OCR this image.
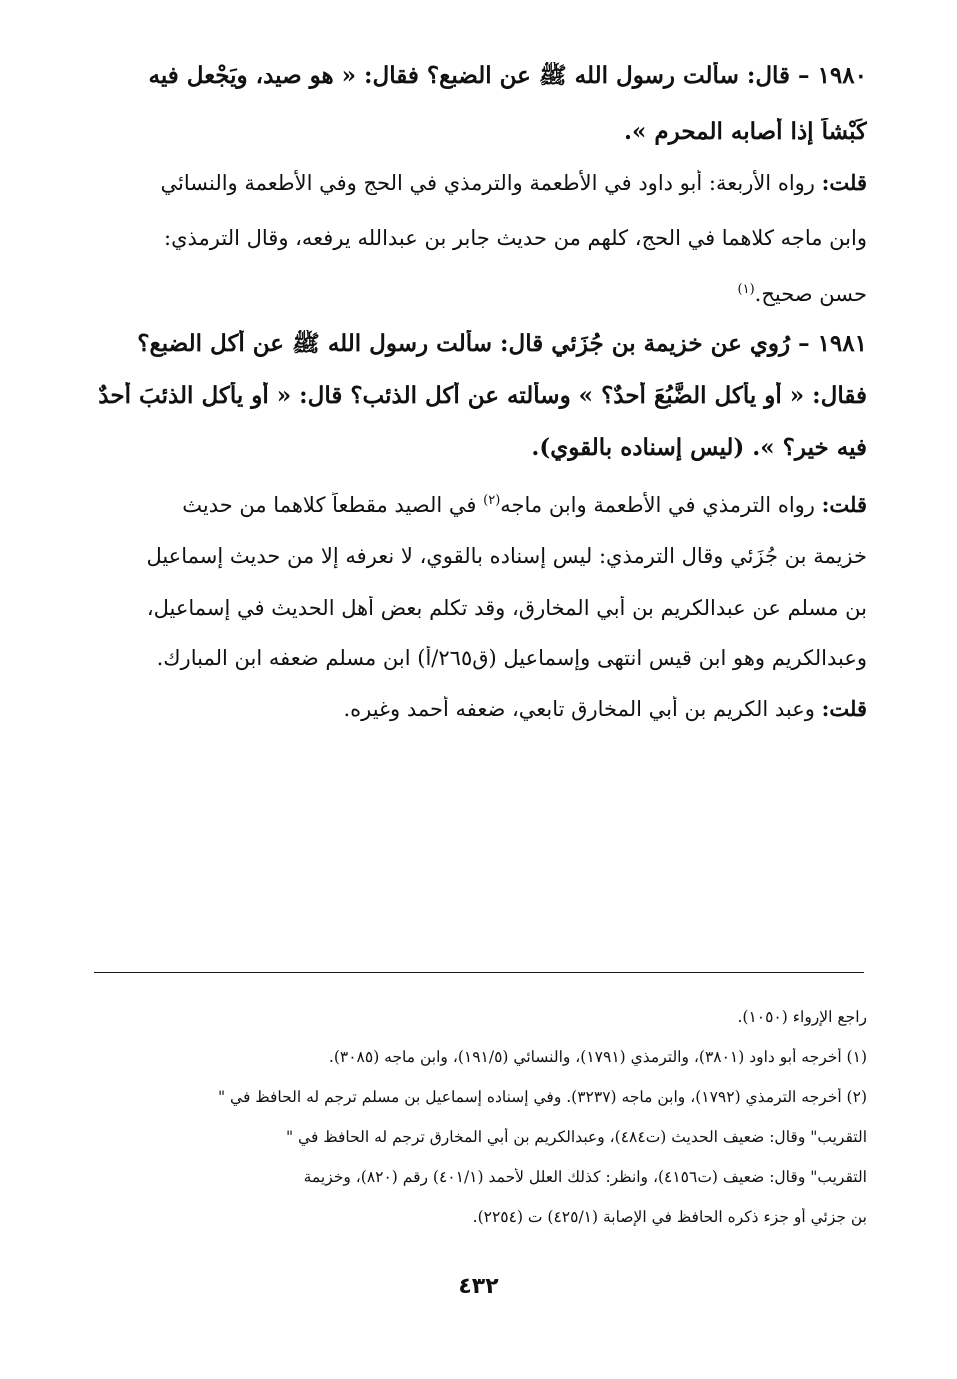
١٩٨٠ – قال: سألت رسول الله ﷺ عن الضبع؟ فقال: « هو صيد، ويَجْعل فيه
كَبْشاً إذا أصابه المحرم ».
قلت: رواه الأربعة: أبو داود في الأطعمة والترمذي في الحج وفي الأطعمة والنسائي
وابن ماجه كلاهما في الحج، كلهم من حديث جابر بن عبدالله يرفعه، وقال الترمذي:
حسن صحيح.$^{(١)}$
١٩٨١ – رُوي عن خزيمة بن جُزَئي قال: سألت رسول الله ﷺ عن أكل الضبع؟
فقال: « أو يأكل الضَّبُعَ أحدٌ؟ » وسألته عن أكل الذئب؟ قال: « أو يأكل الذئبَ أحدٌ
فيه خير؟ ». (ليس إسناده بالقوي).
قلت: رواه الترمذي في الأطعمة وابن ماجه$^{(٢)}$ في الصيد مقطعاً كلاهما من حديث
خزيمة بن جُزَئي وقال الترمذي: ليس إسناده بالقوي، لا نعرفه إلا من حديث إسماعيل
بن مسلم عن عبدالكريم بن أبي المخارق، وقد تكلم بعض أهل الحديث في إسماعيل،
وعبدالكريم وهو ابن قيس انتهى وإسماعيل (ق٢٦٥/أ) ابن مسلم ضعفه ابن المبارك.
قلت: وعبد الكريم بن أبي المخارق تابعي، ضعفه أحمد وغيره.
راجع الإرواء (١٠٥٠).
(١) أخرجه أبو داود (٣٨٠١)، والترمذي (١٧٩١)، والنسائي (١٩١/٥)، وابن ماجه (٣٠٨٥).
(٢) أخرجه الترمذي (١٧٩٢)، وابن ماجه (٣٢٣٧). وفي إسناده إسماعيل بن مسلم ترجم له الحافظ في "
التقريب" وقال: ضعيف الحديث (ت٤٨٤)، وعبدالكريم بن أبي المخارق ترجم له الحافظ في "
التقريب" وقال: ضعيف (ت٤١٥٦)، وانظر: كذلك العلل لأحمد (٤٠١/١) رقم (٨٢٠)، وخزيمة
بن جزئي أو جزء ذكره الحافظ في الإصابة (٤٢٥/١) ت (٢٢٥٤).
٤٣٢
